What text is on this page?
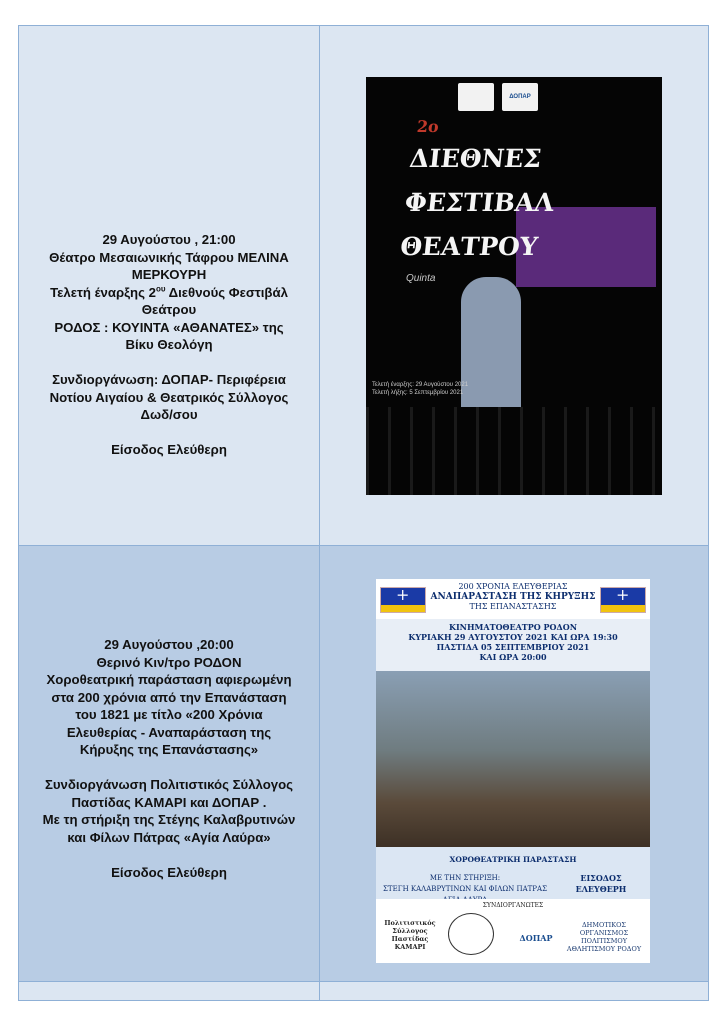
29 Αυγούστου , 21:00

Θέατρο Μεσαιωνικής Τάφρου ΜΕΛΙΝΑ

ΜΕΡΚΟΥΡΗ

Τελετή έναρξης $2^{o\upsilon}$ Διεθνούς Φεστιβάλ

Θεάτρου

ΡΟΔΟΣ : ΚΟΥΙΝΤΑ «ΑΘΑΝΑΤΕΣ» της

Βίκυ Θεολόγη

Συνδιοργάνωση: ΔΟΠΑΡ- Περιφέρεια

Νοτίου Αιγαίου & Θεατρικός Σύλλογος

Δωδ/σου

Είσοδος Ελεύθερη

ΔΟΠΑΡ
2ο
ΔΙΕΘΝΕΣ
ΦΕΣΤΙΒΑΛ
ΘΕΑΤΡΟΥ
Quinta
Τελετή έναρξης: 29 Αυγούστου 2021
Τελετή λήξης: 5 Σεπτεμβρίου 2021

29 Αυγούστου ,20:00

Θερινό Κιν/τρο ΡΟΔΟΝ

Χοροθεατρική παράσταση αφιερωμένη

στα 200 χρόνια από την Επανάσταση

του 1821 με τίτλο «200 Χρόνια

Ελευθερίας - Αναπαράσταση της

Κήρυξης της Επανάστασης»

Συνδιοργάνωση Πολιτιστικός Σύλλογος

Παστίδας ΚΑΜΑΡΙ και ΔΟΠΑΡ .

Με τη στήριξη της Στέγης Καλαβρυτινών

και Φίλων Πάτρας «Αγία Λαύρα»

Είσοδος Ελεύθερη

+
+
200 ΧΡΟΝΙΑ ΕΛΕΥΘΕΡΙΑΣ
ΑΝΑΠΑΡΑΣΤΑΣΗ ΤΗΣ ΚΗΡΥΞΗΣ
ΤΗΣ ΕΠΑΝΑΣΤΑΣΗΣ
ΚΙΝΗΜΑΤΟΘΕΑΤΡΟ ΡΟΔΟΝ
ΚΥΡΙΑΚΗ 29 ΑΥΓΟΥΣΤΟΥ 2021 ΚΑΙ ΩΡΑ 19:30
ΠΑΣΤΙΔΑ 05 ΣΕΠΤΕΜΒΡΙΟΥ 2021
ΚΑΙ ΩΡΑ 20:00
ΧΟΡΟΘΕΑΤΡΙΚΗ ΠΑΡΑΣΤΑΣΗ
ΜΕ ΤΗΝ ΣΤΗΡΙΞΗ:
ΣΤΕΓΗ ΚΑΛΑΒΡΥΤΙΝΩΝ ΚΑΙ ΦΙΛΩΝ ΠΑΤΡΑΣ
ΕΙΣΟΔΟΣ
ΕΛΕΥΘΕΡΗ
ΣΥΝΔΙΟΡΓΑΝΩΤΕΣ
Πολιτιστικός
Σύλλογος
Παστίδας
ΚΑΜΑΡΙ
ΔΟΠΑΡ
ΔΗΜΟΤΙΚΟΣ ΟΡΓΑΝΙΣΜΟΣ ΠΟΛΙΤΙΣΜΟΥ
ΑΘΛΗΤΙΣΜΟΥ ΡΟΔΟΥ
